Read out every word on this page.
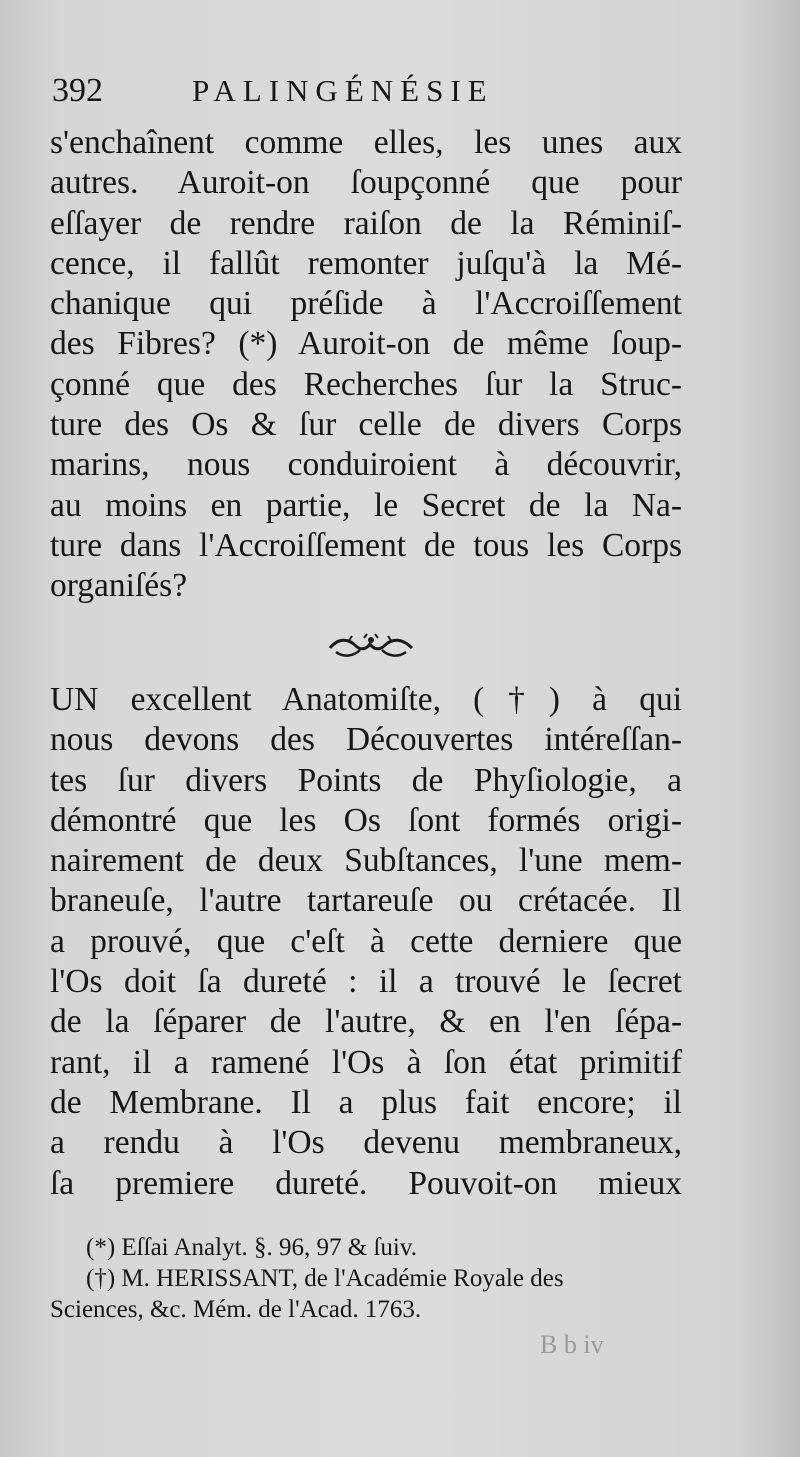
392	PALINGÉNÉSIE
s'enchaînent comme elles, les unes aux
autres. Auroit-on ſoupçonné que pour
eſſayer de rendre raiſon de la Réminiſ-
cence, il fallût remonter juſqu'à la Mé-
chanique qui préſide à l'Accroiſſement
des Fibres? (*) Auroit-on de même ſoup-
çonné que des Recherches ſur la Struc-
ture des Os & ſur celle de divers Corps
marins, nous conduiroient à découvrir,
au moins en partie, le Secret de la Na-
ture dans l'Accroiſſement de tous les Corps
organiſés?
UN excellent Anatomiſte, (†) à qui
nous devons des Découvertes intéreſſan-
tes ſur divers Points de Phyſiologie, a
démontré que les Os ſont formés origi-
nairement de deux Subſtances, l'une mem-
braneuſe, l'autre tartareuſe ou crétacée. Il
a prouvé, que c'eſt à cette derniere que
l'Os doit ſa dureté : il a trouvé le ſecret
de la ſéparer de l'autre, & en l'en ſépa-
rant, il a ramené l'Os à ſon état primitif
de Membrane. Il a plus fait encore; il
a rendu à l'Os devenu membraneux,
ſa premiere dureté. Pouvoit-on mieux
(*) Eſſai Analyt. §. 96, 97 & ſuiv.
(†) M. HERISSANT, de l'Académie Royale des
Sciences, &c. Mém. de l'Acad. 1763.
B b iv
